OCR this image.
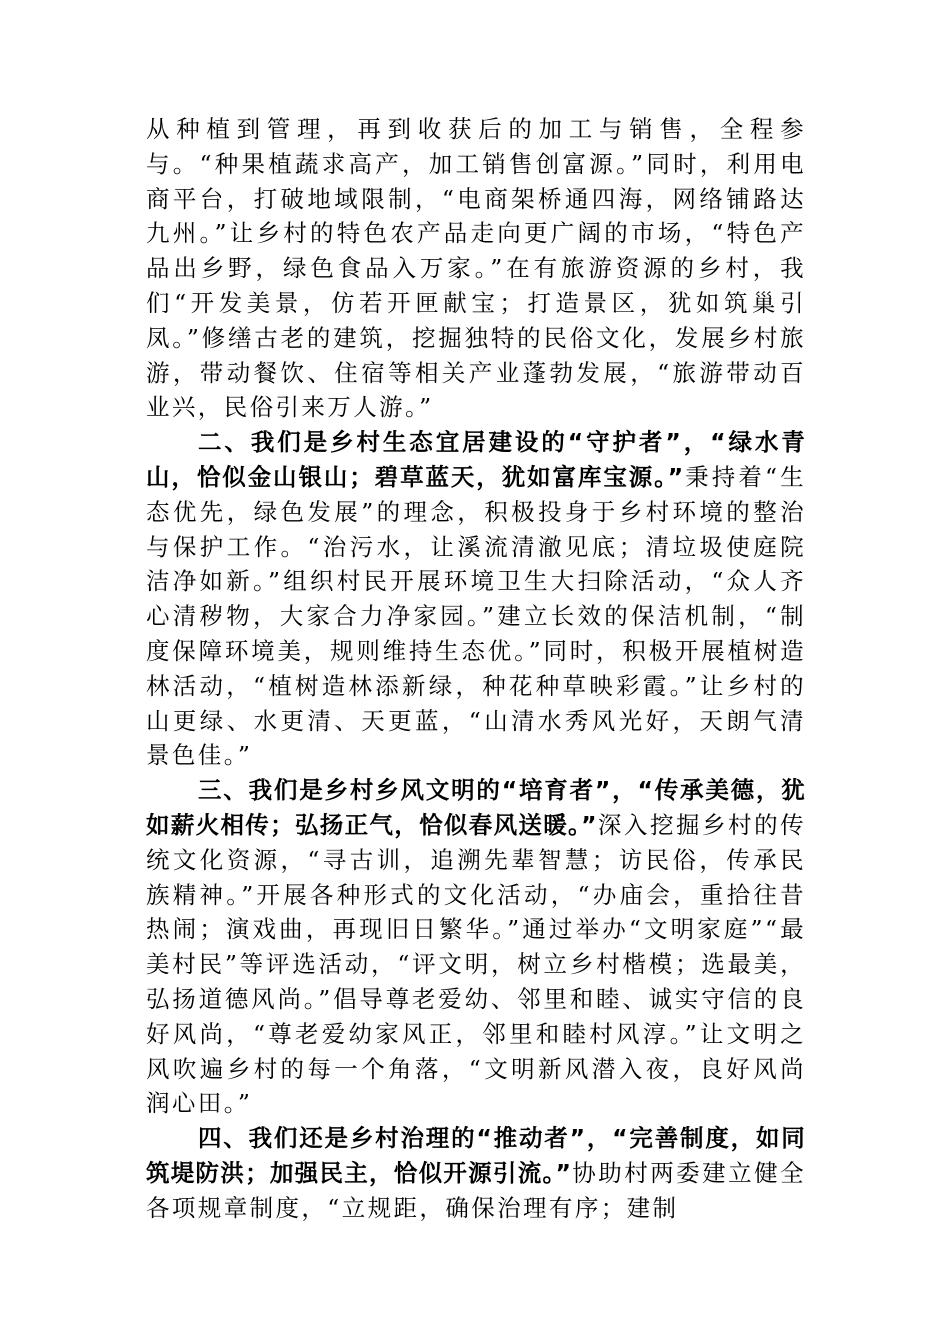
从种植到管理，再到收获后的加工与销售，全程参与。“种果植蔬求高产，加工销售创富源。”同时，利用电商平台，打破地域限制，“电商架桥通四海，网络铺路达九州。”让乡村的特色农产品走向更广阔的市场，“特色产品出乡野，绿色食品入万家。”在有旅游资源的乡村，我们“开发美景，仿若开匣献宝；打造景区，犹如筑巢引凤。”修缮古老的建筑，挖掘独特的民俗文化，发展乡村旅游，带动餐饮、住宿等相关产业蓬勃发展，“旅游带动百业兴，民俗引来万人游。”

二、我们是乡村生态宜居建设的“守护者”，“绿水青山，恰似金山银山；碧草蓝天，犹如富库宝源。”秉持着“生态优先，绿色发展”的理念，积极投身于乡村环境的整治与保护工作。“治污水，让溪流清澈见底；清垃圾使庭院洁净如新。”组织村民开展环境卫生大扫除活动，“众人齐心清秽物，大家合力净家园。”建立长效的保洁机制，“制度保障环境美，规则维持生态优。”同时，积极开展植树造林活动，“植树造林添新绿，种花种草映彩霞。”让乡村的山更绿、水更清、天更蓝，“山清水秀风光好，天朗气清景色佳。”

三、我们是乡村乡风文明的“培育者”，“传承美德，犹如薪火相传；弘扬正气，恰似春风送暖。”深入挖掘乡村的传统文化资源，“寻古训，追溯先辈智慧；访民俗，传承民族精神。”开展各种形式的文化活动，“办庙会，重拾往昔热闹；演戏曲，再现旧日繁华。”通过举办“文明家庭”“最美村民”等评选活动，“评文明，树立乡村楷模；选最美，弘扬道德风尚。”倡导尊老爱幼、邻里和睦、诚实守信的良好风尚，“尊老爱幼家风正，邻里和睦村风淳。”让文明之风吹遍乡村的每一个角落，“文明新风潜入夜，良好风尚润心田。”

四、我们还是乡村治理的“推动者”，“完善制度，如同筑堤防洪；加强民主，恰似开源引流。”协助村两委建立健全各项规章制度，“立规距，确保治理有序；建制
